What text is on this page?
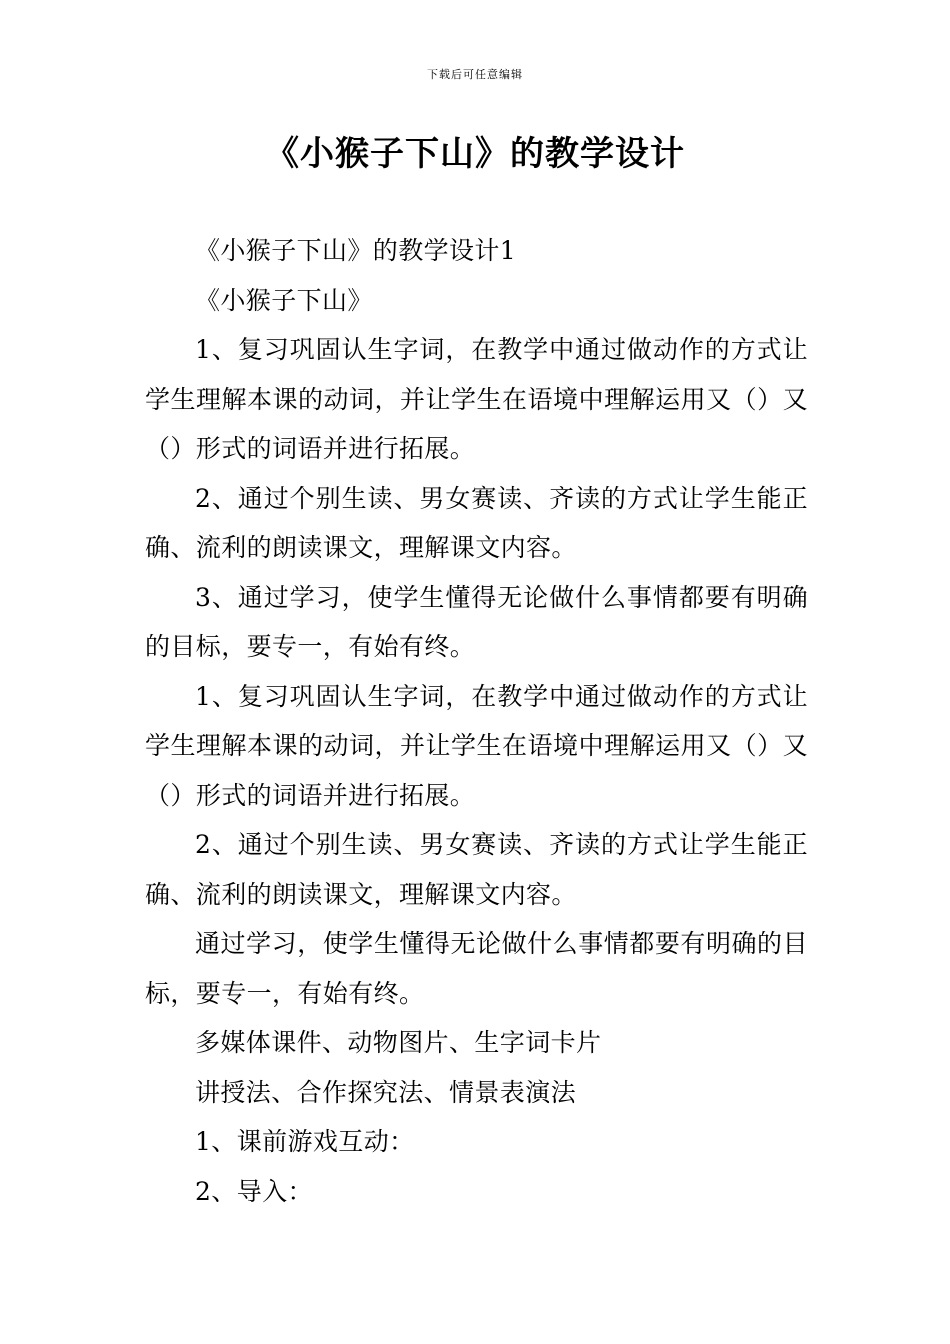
下载后可任意编辑
《小猴子下山》的教学设计

《小猴子下山》的教学设计1

《小猴子下山》

1、复习巩固认生字词，在教学中通过做动作的方式让学生理解本课的动词，并让学生在语境中理解运用又（）又（）形式的词语并进行拓展。

2、通过个别生读、男女赛读、齐读的方式让学生能正确、流利的朗读课文，理解课文内容。

3、通过学习，使学生懂得无论做什么事情都要有明确的目标，要专一，有始有终。

1、复习巩固认生字词，在教学中通过做动作的方式让学生理解本课的动词，并让学生在语境中理解运用又（）又（）形式的词语并进行拓展。

2、通过个别生读、男女赛读、齐读的方式让学生能正确、流利的朗读课文，理解课文内容。

通过学习，使学生懂得无论做什么事情都要有明确的目标，要专一，有始有终。

多媒体课件、动物图片、生字词卡片

讲授法、合作探究法、情景表演法

1、课前游戏互动：

2、导入：
